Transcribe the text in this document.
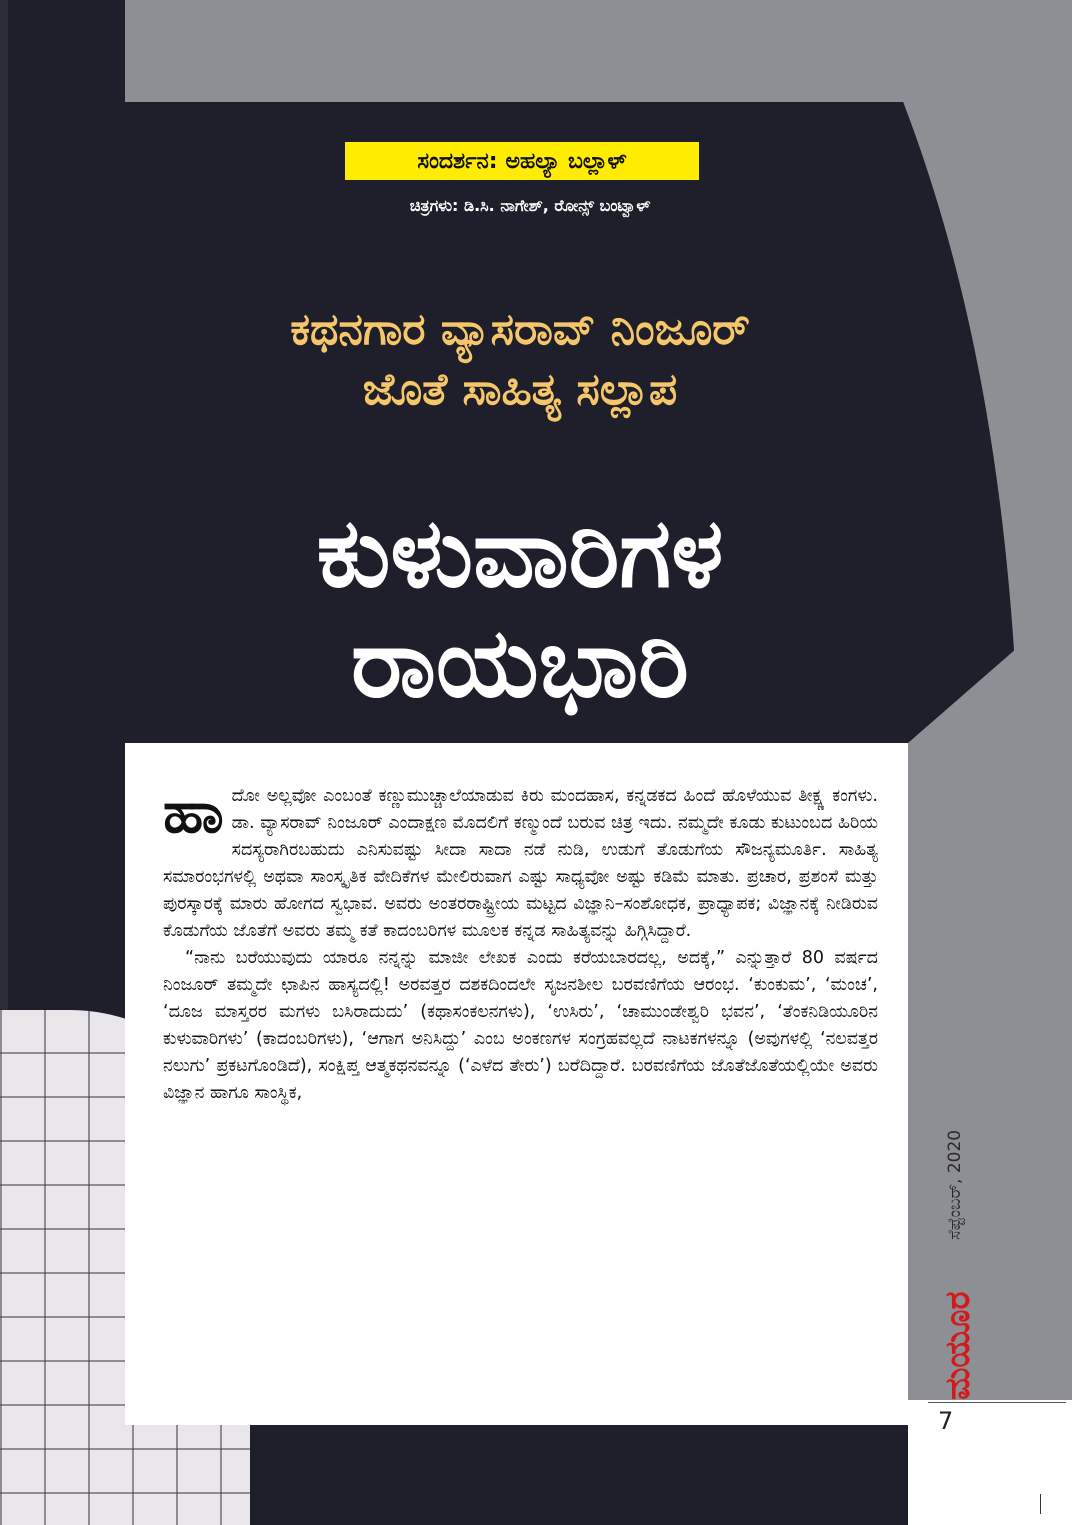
ಸಂದರ್ಶನ: ಅಹಲ್ಯಾ ಬಲ್ಲಾಳ್
ಚಿತ್ರಗಳು: ಡಿ.ಸಿ. ನಾಗೇಶ್, ರೋನ್ಸ್ ಬಂಟ್ವಾಳ್
ಕಥನಗಾರ ವ್ಯಾಸರಾವ್ ನಿಂಜೂರ್
ಜೊತೆ ಸಾಹಿತ್ಯ ಸಲ್ಲಾಪ
ಕುಳುವಾರಿಗಳ
ರಾಯಭಾರಿ

ಹಾ ದೋ ಅಲ್ಲವೋ ಎಂಬಂತೆ ಕಣ್ಣುಮುಚ್ಚಾಲೆಯಾಡುವ ಕಿರು ಮಂದಹಾಸ, ಕನ್ನಡಕದ ಹಿಂದೆ ಹೊಳೆಯುವ ತೀಕ್ಷ್ಣ ಕಂಗಳು. ಡಾ. ವ್ಯಾಸರಾವ್ ನಿಂಜೂರ್ ಎಂದಾಕ್ಷಣ ಮೊದಲಿಗೆ ಕಣ್ಮುಂದೆ ಬರುವ ಚಿತ್ರ ಇದು. ನಮ್ಮದೇ ಕೂಡು ಕುಟುಂಬದ ಹಿರಿಯ ಸದಸ್ಯರಾಗಿರಬಹುದು ಎನಿಸುವಷ್ಟು ಸೀದಾ ಸಾದಾ ನಡೆ ನುಡಿ, ಉಡುಗೆ ತೊಡುಗೆಯ ಸೌಜನ್ಯಮೂರ್ತಿ. ಸಾಹಿತ್ಯ ಸಮಾರಂಭಗಳಲ್ಲಿ ಅಥವಾ ಸಾಂಸ್ಕೃತಿಕ ವೇದಿಕೆಗಳ ಮೇಲಿರುವಾಗ ಎಷ್ಟು ಸಾಧ್ಯವೋ ಅಷ್ಟು ಕಡಿಮೆ ಮಾತು. ಪ್ರಚಾರ, ಪ್ರಶಂಸೆ ಮತ್ತು ಪುರಸ್ಕಾರಕ್ಕೆ ಮಾರು ಹೋಗದ ಸ್ವಭಾವ. ಅವರು ಅಂತರರಾಷ್ಟ್ರೀಯ ಮಟ್ಟದ ವಿಜ್ಞಾನಿ–ಸಂಶೋಧಕ, ಪ್ರಾಧ್ಯಾಪಕ; ವಿಜ್ಞಾನಕ್ಕೆ ನೀಡಿರುವ ಕೊಡುಗೆಯ ಜೊತೆಗೆ ಅವರು ತಮ್ಮ ಕತೆ ಕಾದಂಬರಿಗಳ ಮೂಲಕ ಕನ್ನಡ ಸಾಹಿತ್ಯವನ್ನು ಹಿಗ್ಗಿಸಿದ್ದಾರೆ.

“ನಾನು ಬರೆಯುವುದು ಯಾರೂ ನನ್ನನ್ನು ಮಾಜೀ ಲೇಖಕ ಎಂದು ಕರೆಯಬಾರದಲ್ಲ, ಅದಕ್ಕೆ,” ಎನ್ನುತ್ತಾರೆ 80 ವರ್ಷದ ನಿಂಜೂರ್ ತಮ್ಮದೇ ಛಾಪಿನ ಹಾಸ್ಯದಲ್ಲಿ! ಅರವತ್ತರ ದಶಕದಿಂದಲೇ ಸೃಜನಶೀಲ ಬರವಣಿಗೆಯ ಆರಂಭ. ‘ಕುಂಕುಮ’, ‘ಮಂಚ’, ‘ದೂಜ ಮಾಸ್ತರರ ಮಗಳು ಬಸಿರಾದುದು’ (ಕಥಾಸಂಕಲನಗಳು), ‘ಉಸಿರು’, ‘ಚಾಮುಂಡೇಶ್ವರಿ ಭವನ’, ‘ತೆಂಕನಿಡಿಯೂರಿನ ಕುಳುವಾರಿಗಳು’ (ಕಾದಂಬರಿಗಳು), ‘ಆಗಾಗ ಅನಿಸಿದ್ದು’ ಎಂಬ ಅಂಕಣಗಳ ಸಂಗ್ರಹವಲ್ಲದೆ ನಾಟಕಗಳನ್ನೂ (ಅವುಗಳಲ್ಲಿ ‘ನಲವತ್ತರ ನಲುಗು’ ಪ್ರಕಟಗೊಂಡಿದೆ), ಸಂಕ್ಷಿಪ್ತ ಆತ್ಮಕಥನವನ್ನೂ (‘ಎಳೆದ ತೇರು’) ಬರೆದಿದ್ದಾರೆ. ಬರವಣಿಗೆಯ ಜೊತೆಜೊತೆಯಲ್ಲಿಯೇ ಅವರು ವಿಜ್ಞಾನ ಹಾಗೂ ಸಾಂಸ್ಥಿಕ,

ಸೆಪ್ಟೆಂಬರ್, 2020
ಮಯೂರ
7
